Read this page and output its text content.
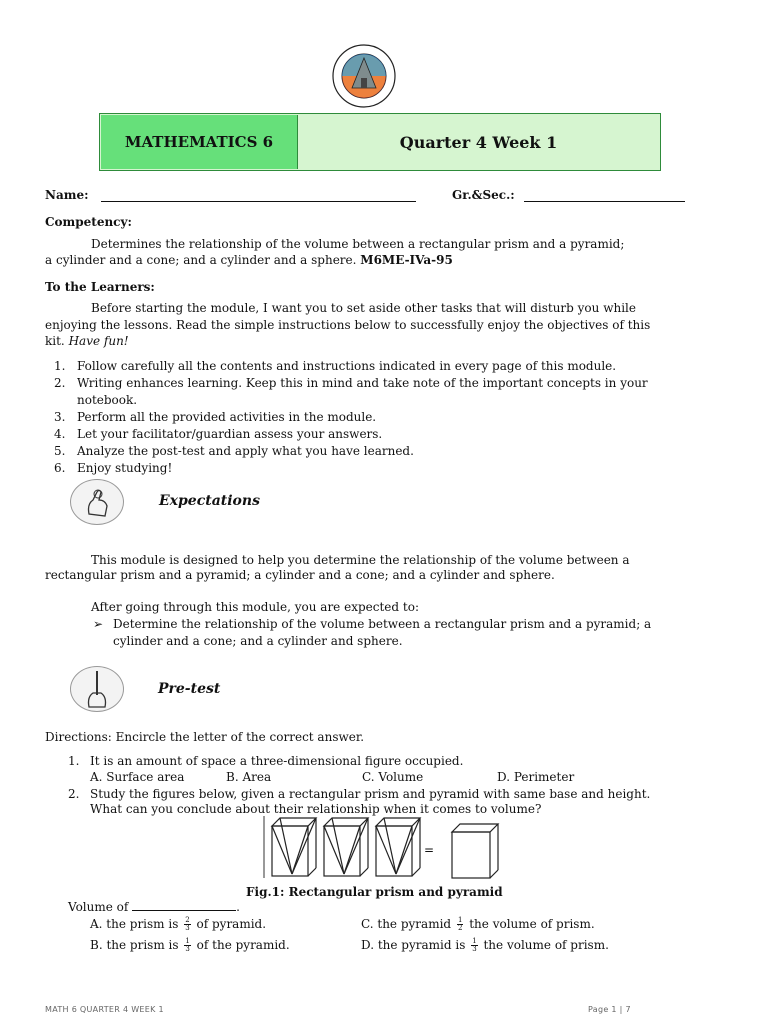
MATHEMATICS 6	Quarter 4 Week 1
Name:	Gr.&Sec.:
Competency:
Determines the relationship of the volume between a rectangular prism and a pyramid;
a cylinder and a cone; and a cylinder and a sphere. M6ME-IVa-95
To the Learners:
Before starting the module, I want you to set aside other tasks that will disturb you while
enjoying the lessons. Read the simple instructions below to successfully enjoy the objectives of this
kit. Have fun!
1. Follow carefully all the contents and instructions indicated in every page of this module.
2. Writing enhances learning. Keep this in mind and take note of the important concepts in your
notebook.
3. Perform all the provided activities in the module.
4. Let your facilitator/guardian assess your answers.
5. Analyze the post-test and apply what you have learned.
6. Enjoy studying!
Expectations
This module is designed to help you determine the relationship of the volume between a
rectangular prism and a pyramid; a cylinder and a cone; and a cylinder and sphere.
After going through this module, you are expected to:
➢ Determine the relationship of the volume between a rectangular prism and a pyramid; a
cylinder and a cone; and a cylinder and sphere.
Pre-test
Directions: Encircle the letter of the correct answer.
1. It is an amount of space a three-dimensional figure occupied.
A. Surface area	B. Area	C. Volume	D. Perimeter
2. Study the figures below, given a rectangular prism and pyramid with same base and height.
What can you conclude about their relationship when it comes to volume?
=
Fig.1: Rectangular prism and pyramid
Volume of	.
A. the prism is $\frac{2}{3}$ of pyramid.	C. the pyramid $\frac{1}{2}$ the volume of prism.
B. the prism is $\frac{1}{3}$ of the pyramid.	D. the pyramid is $\frac{1}{3}$ the volume of prism.
MATH 6 QUARTER 4 WEEK 1	Page 1 | 7
